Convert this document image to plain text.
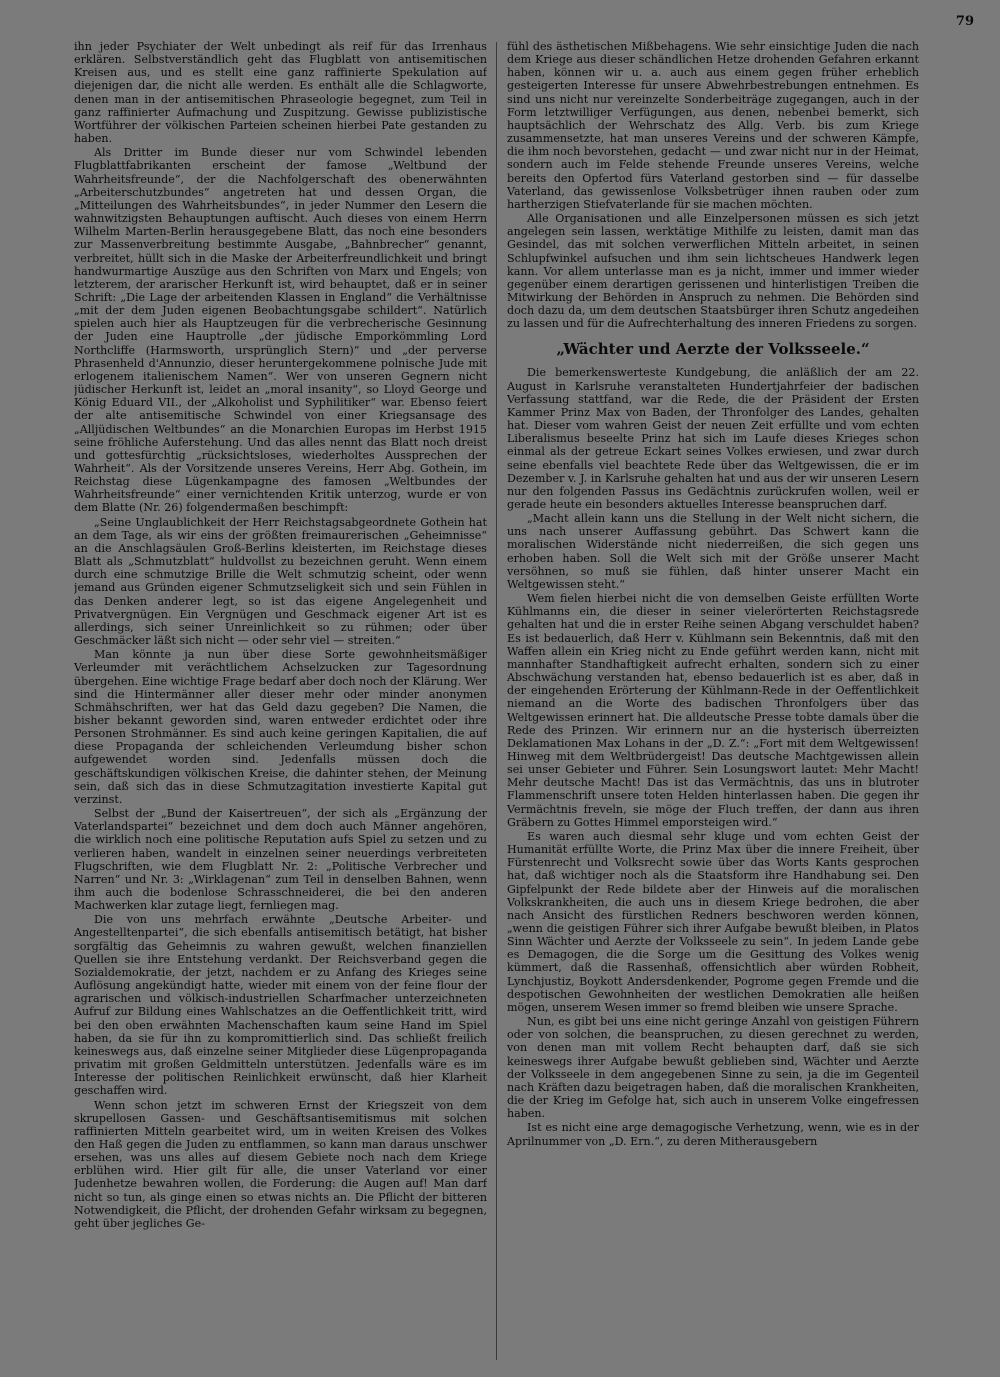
79

ihn jeder Psychiater der Welt unbedingt als reif für das Irrenhaus erklären. Selbstverständlich geht das Flugblatt von antisemitischen Kreisen aus, und es stellt eine ganz raffinierte Spekulation auf diejenigen dar, die nicht alle werden. Es enthält alle die Schlagworte, denen man in der antisemitischen Phraseologie begegnet, zum Teil in ganz raffinierter Aufmachung und Zuspitzung. Gewisse publizistische Wortführer der völkischen Parteien scheinen hierbei Pate gestanden zu haben.

Als Dritter im Bunde dieser nur vom Schwindel lebenden Flugblattfabrikanten erscheint der famose „Weltbund der Wahrheitsfreunde“, der die Nachfolgerschaft des obenerwähnten „Arbeiterschutzbundes“ angetreten hat und dessen Organ, die „Mitteilungen des Wahrheitsbundes“, in jeder Nummer den Lesern die wahnwitzigsten Behauptungen auftischt. Auch dieses von einem Herrn Wilhelm Marten-Berlin herausgegebene Blatt, das noch eine besonders zur Massenverbreitung bestimmte Ausgabe, „Bahnbrecher“ genannt, verbreitet, hüllt sich in die Maske der Arbeiterfreundlichkeit und bringt handwurmartige Auszüge aus den Schriften von Marx und Engels; von letzterem, der ararischer Herkunft ist, wird behauptet, daß er in seiner Schrift: „Die Lage der arbeitenden Klassen in England“ die Verhältnisse „mit der dem Juden eigenen Beobachtungsgabe schildert“. Natürlich spielen auch hier als Hauptzeugen für die verbrecherische Gesinnung der Juden eine Hauptrolle „der jüdische Emporkömmling Lord Northcliffe (Harmsworth, ursprünglich Stern)“ und „der perverse Phrasenheld d'Annunzio, dieser heruntergekommene polnische Jude mit erlogenem italienischem Namen“. Wer von unseren Gegnern nicht jüdischer Herkunft ist, leidet an „moral insanity“, so Lloyd George und König Eduard VII., der „Alkoholist und Syphilitiker“ war. Ebenso feiert der alte antisemitische Schwindel von einer Kriegsansage des „Alljüdischen Weltbundes“ an die Monarchien Europas im Herbst 1915 seine fröhliche Auferstehung. Und das alles nennt das Blatt noch dreist und gottesfürchtig „rücksichtsloses, wiederholtes Aussprechen der Wahrheit“. Als der Vorsitzende unseres Vereins, Herr Abg. Gothein, im Reichstag diese Lügenkampagne des famosen „Weltbundes der Wahrheitsfreunde“ einer vernichtenden Kritik unterzog, wurde er von dem Blatte (Nr. 26) folgendermaßen beschimpft:

„Seine Unglaublichkeit der Herr Reichstagsabgeordnete Gothein hat an dem Tage, als wir eins der größten freimaurerischen „Geheimnisse“ an die Anschlagsäulen Groß-Berlins kleisterten, im Reichstage dieses Blatt als „Schmutzblatt“ huldvollst zu bezeichnen geruht. Wenn einem durch eine schmutzige Brille die Welt schmutzig scheint, oder wenn jemand aus Gründen eigener Schmutzseligkeit sich und sein Fühlen in das Denken anderer legt, so ist das eigene Angelegenheit und Privatvergnügen. Ein Vergnügen und Geschmack eigener Art ist es allerdings, sich seiner Unreinlichkeit so zu rühmen; oder über Geschmäcker läßt sich nicht — oder sehr viel — streiten.“

Man könnte ja nun über diese Sorte gewohnheitsmäßiger Verleumder mit verächtlichem Achselzucken zur Tagesordnung übergehen. Eine wichtige Frage bedarf aber doch noch der Klärung. Wer sind die Hintermänner aller dieser mehr oder minder anonymen Schmähschriften, wer hat das Geld dazu gegeben? Die Namen, die bisher bekannt geworden sind, waren entweder erdichtet oder ihre Personen Strohmänner. Es sind auch keine geringen Kapitalien, die auf diese Propaganda der schleichenden Verleumdung bisher schon aufgewendet worden sind. Jedenfalls müssen doch die geschäftskundigen völkischen Kreise, die dahinter stehen, der Meinung sein, daß sich das in diese Schmutzagitation investierte Kapital gut verzinst.

Selbst der „Bund der Kaisertreuen“, der sich als „Ergänzung der Vaterlandspartei“ bezeichnet und dem doch auch Männer angehören, die wirklich noch eine politische Reputation aufs Spiel zu setzen und zu verlieren haben, wandelt in einzelnen seiner neuerdings verbreiteten Flugschriften, wie dem Flugblatt Nr. 2: „Politische Verbrecher und Narren“ und Nr. 3: „Wirklagenan“ zum Teil in denselben Bahnen, wenn ihm auch die bodenlose Schrasschneiderei, die bei den anderen Machwerken klar zutage liegt, fernliegen mag.

Die von uns mehrfach erwähnte „Deutsche Arbeiter- und Angestelltenpartei“, die sich ebenfalls antisemitisch betätigt, hat bisher sorgfältig das Geheimnis zu wahren gewußt, welchen finanziellen Quellen sie ihre Entstehung verdankt. Der Reichsverband gegen die Sozialdemokratie, der jetzt, nachdem er zu Anfang des Krieges seine Auflösung angekündigt hatte, wieder mit einem von der feine flour der agrarischen und völkisch-industriellen Scharfmacher unterzeichneten Aufruf zur Bildung eines Wahlschatzes an die Oeffentlichkeit tritt, wird bei den oben erwähnten Machenschaften kaum seine Hand im Spiel haben, da sie für ihn zu kompromittierlich sind. Das schließt freilich keineswegs aus, daß einzelne seiner Mitglieder diese Lügenpropaganda privatim mit großen Geldmitteln unterstützen. Jedenfalls wäre es im Interesse der politischen Reinlichkeit erwünscht, daß hier Klarheit geschaffen wird.

Wenn schon jetzt im schweren Ernst der Kriegszeit von dem skrupellosen Gassen- und Geschäftsantisemitismus mit solchen raffinierten Mitteln gearbeitet wird, um in weiten Kreisen des Volkes den Haß gegen die Juden zu entflammen, so kann man daraus unschwer ersehen, was uns alles auf diesem Gebiete noch nach dem Kriege erblühen wird. Hier gilt für alle, die unser Vaterland vor einer Judenhetze bewahren wollen, die Forderung: die Augen auf! Man darf nicht so tun, als ginge einen so etwas nichts an. Die Pflicht der bitteren Notwendigkeit, die Pflicht, der drohenden Gefahr wirksam zu begegnen, geht über jegliches Ge-

fühl des ästhetischen Mißbehagens. Wie sehr einsichtige Juden die nach dem Kriege aus dieser schändlichen Hetze drohenden Gefahren erkannt haben, können wir u. a. auch aus einem gegen früher erheblich gesteigerten Interesse für unsere Abwehrbestrebungen entnehmen. Es sind uns nicht nur vereinzelte Sonderbeiträge zugegangen, auch in der Form letztwilliger Verfügungen, aus denen, nebenbei bemerkt, sich hauptsächlich der Wehrschatz des Allg. Verb. bis zum Kriege zusammensetzte, hat man unseres Vereins und der schweren Kämpfe, die ihm noch bevorstehen, gedacht — und zwar nicht nur in der Heimat, sondern auch im Felde stehende Freunde unseres Vereins, welche bereits den Opfertod fürs Vaterland gestorben sind — für dasselbe Vaterland, das gewissenlose Volksbetrüger ihnen rauben oder zum hartherzigen Stiefvaterlande für sie machen möchten.

Alle Organisationen und alle Einzelpersonen müssen es sich jetzt angelegen sein lassen, werktätige Mithilfe zu leisten, damit man das Gesindel, das mit solchen verwerflichen Mitteln arbeitet, in seinen Schlupfwinkel aufsuchen und ihm sein lichtscheues Handwerk legen kann. Vor allem unterlasse man es ja nicht, immer und immer wieder gegenüber einem derartigen gerissenen und hinterlistigen Treiben die Mitwirkung der Behörden in Anspruch zu nehmen. Die Behörden sind doch dazu da, um dem deutschen Staatsbürger ihren Schutz angedeihen zu lassen und für die Aufrechterhaltung des inneren Friedens zu sorgen.

„Wächter und Aerzte der Volksseele.“

Die bemerkenswerteste Kundgebung, die anläßlich der am 22. August in Karlsruhe veranstalteten Hundertjahrfeier der badischen Verfassung stattfand, war die Rede, die der Präsident der Ersten Kammer Prinz Max von Baden, der Thronfolger des Landes, gehalten hat. Dieser vom wahren Geist der neuen Zeit erfüllte und vom echten Liberalismus beseelte Prinz hat sich im Laufe dieses Krieges schon einmal als der getreue Eckart seines Volkes erwiesen, und zwar durch seine ebenfalls viel beachtete Rede über das Weltgewissen, die er im Dezember v. J. in Karlsruhe gehalten hat und aus der wir unseren Lesern nur den folgenden Passus ins Gedächtnis zurückrufen wollen, weil er gerade heute ein besonders aktuelles Interesse beanspruchen darf.

„Macht allein kann uns die Stellung in der Welt nicht sichern, die uns nach unserer Auffassung gebührt. Das Schwert kann die moralischen Widerstände nicht niederreißen, die sich gegen uns erhoben haben. Soll die Welt sich mit der Größe unserer Macht versöhnen, so muß sie fühlen, daß hinter unserer Macht ein Weltgewissen steht.“

Wem fielen hierbei nicht die von demselben Geiste erfüllten Worte Kühlmanns ein, die dieser in seiner vielerörterten Reichstagsrede gehalten hat und die in erster Reihe seinen Abgang verschuldet haben? Es ist bedauerlich, daß Herr v. Kühlmann sein Bekenntnis, daß mit den Waffen allein ein Krieg nicht zu Ende geführt werden kann, nicht mit mannhafter Standhaftigkeit aufrecht erhalten, sondern sich zu einer Abschwächung verstanden hat, ebenso bedauerlich ist es aber, daß in der eingehenden Erörterung der Kühlmann-Rede in der Oeffentlichkeit niemand an die Worte des badischen Thronfolgers über das Weltgewissen erinnert hat. Die alldeutsche Presse tobte damals über die Rede des Prinzen. Wir erinnern nur an die hysterisch überreizten Deklamationen Max Lohans in der „D. Z.“: „Fort mit dem Weltgewissen! Hinweg mit dem Weltbrüdergeist! Das deutsche Machtgewissen allein sei unser Gebieter und Führer. Sein Losungswort lautet: Mehr Macht! Mehr deutsche Macht! Das ist das Vermächtnis, das uns in blutroter Flammenschrift unsere toten Helden hinterlassen haben. Die gegen ihr Vermächtnis freveln, sie möge der Fluch treffen, der dann aus ihren Gräbern zu Gottes Himmel emporsteigen wird.“

Es waren auch diesmal sehr kluge und vom echten Geist der Humanität erfüllte Worte, die Prinz Max über die innere Freiheit, über Fürstenrecht und Volksrecht sowie über das Worts Kants gesprochen hat, daß wichtiger noch als die Staatsform ihre Handhabung sei. Den Gipfelpunkt der Rede bildete aber der Hinweis auf die moralischen Volkskrankheiten, die auch uns in diesem Kriege bedrohen, die aber nach Ansicht des fürstlichen Redners beschworen werden können, „wenn die geistigen Führer sich ihrer Aufgabe bewußt bleiben, in Platos Sinn Wächter und Aerzte der Volksseele zu sein“. In jedem Lande gebe es Demagogen, die die Sorge um die Gesittung des Volkes wenig kümmert, daß die Rassenhaß, offensichtlich aber würden Robheit, Lynchjustiz, Boykott Andersdenkender, Pogrome gegen Fremde und die despotischen Gewohnheiten der westlichen Demokratien alle heißen mögen, unserem Wesen immer so fremd bleiben wie unsere Sprache.

Nun, es gibt bei uns eine nicht geringe Anzahl von geistigen Führern oder von solchen, die beanspruchen, zu diesen gerechnet zu werden, von denen man mit vollem Recht behaupten darf, daß sie sich keineswegs ihrer Aufgabe bewußt geblieben sind, Wächter und Aerzte der Volksseele in dem angegebenen Sinne zu sein, ja die im Gegenteil nach Kräften dazu beigetragen haben, daß die moralischen Krankheiten, die der Krieg im Gefolge hat, sich auch in unserem Volke eingefressen haben.

Ist es nicht eine arge demagogische Verhetzung, wenn, wie es in der Aprilnummer von „D. Ern.“, zu deren Mitherausgebern
